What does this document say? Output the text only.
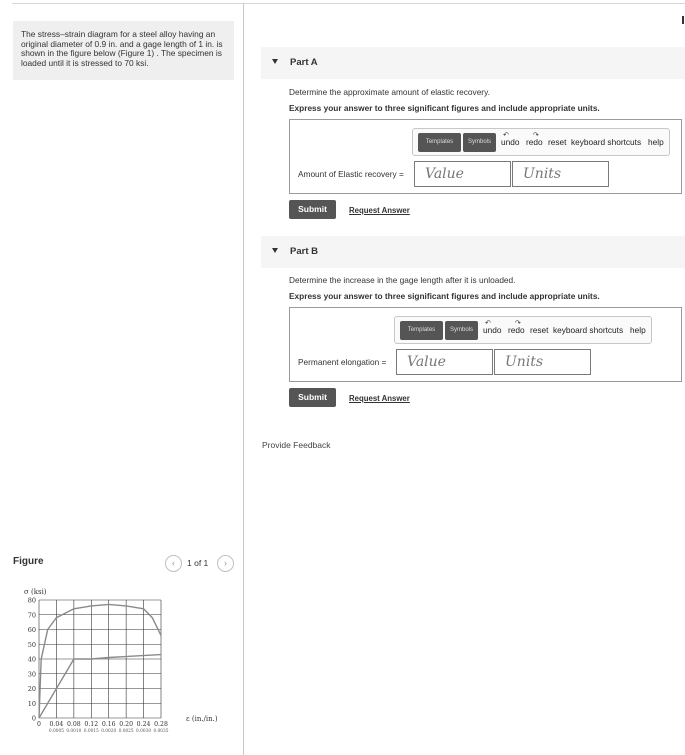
The stress–strain diagram for a steel alloy having an original diameter of 0.9 in. and a gage length of 1 in. is shown in the figure below (Figure 1) . The specimen is loaded until it is stressed to 70 ksi.	Part A
Determine the approximate amount of elastic recovery.
Express your answer to three significant figures and include appropriate units.
Templates	Symbols
↶
undo
↷
redo reset keyboard shortcuts help
Amount of Elastic recovery =	Value	Units
Submit	Request Answer
Part B
Determine the increase in the gage length after it is unloaded.
Express your answer to three significant figures and include appropriate units.
Templates	Symbols
↶
undo
↷
redo reset keyboard shortcuts help
Permanent elongation =	Value	Units
Submit	Request Answer
Provide Feedback
Figure	‹	1 of 1	›
0
10
20
30
40
50
60
70
80
0 0.04 0.08 0.12 0.16 0.20 0.24 0.28
0.0005 0.0010 0.0015 0.0020 0.0025 0.0030 0.0035
σ (ksi)
ε (in./in.)
